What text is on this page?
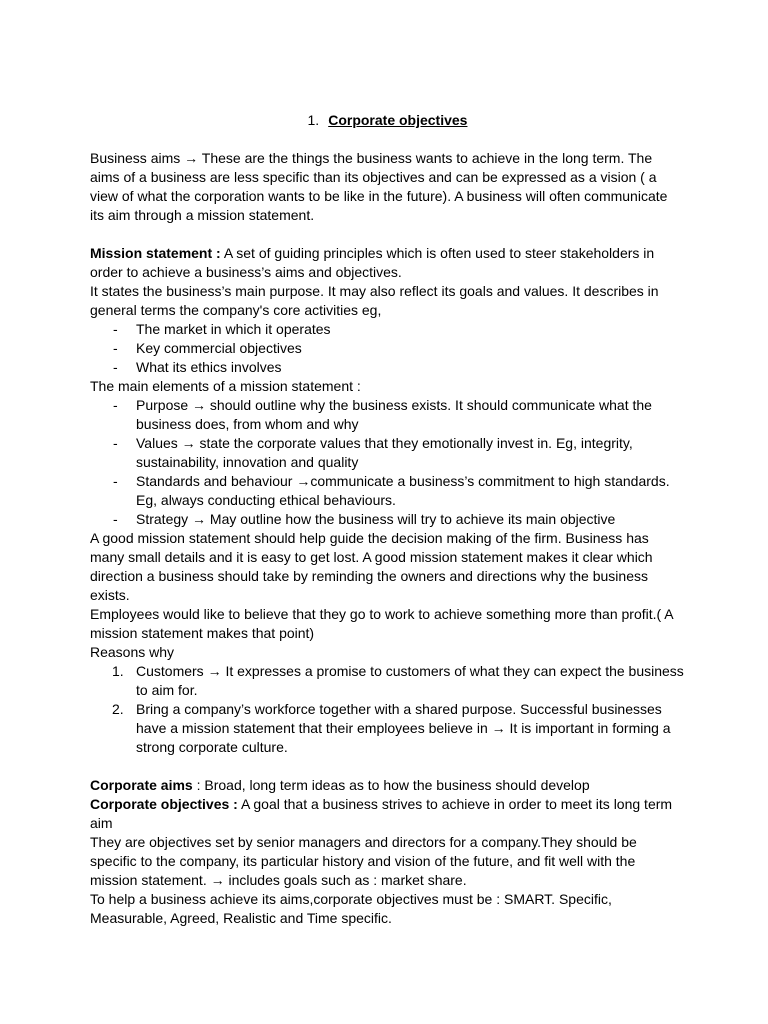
1. Corporate objectives

Business aims → These are the things the business wants to achieve in the long term. The aims of a business are less specific than its objectives and can be expressed as a vision ( a view of what the corporation wants to be like in the future). A business will often communicate its aim through a mission statement.

Mission statement : A set of guiding principles which is often used to steer stakeholders in order to achieve a business’s aims and objectives.

It states the business’s main purpose. It may also reflect its goals and values. It describes in general terms the company's core activities eg,

- The market in which it operates
- Key commercial objectives
- What its ethics involves

The main elements of a mission statement :

- Purpose → should outline why the business exists. It should communicate what the business does, from whom and why
- Values → state the corporate values that they emotionally invest in. Eg, integrity, sustainability, innovation and quality
- Standards and behaviour →communicate a business’s commitment to high standards. Eg, always conducting ethical behaviours.
- Strategy → May outline how the business will try to achieve its main objective

A good mission statement should help guide the decision making of the firm. Business has many small details and it is easy to get lost. A good mission statement makes it clear which direction a business should take by reminding the owners and directions why the business exists.

Employees would like to believe that they go to work to achieve something more than profit.( A mission statement makes that point)

Reasons why

1. Customers → It expresses a promise to customers of what they can expect the business to aim for.
2. Bring a company’s workforce together with a shared purpose. Successful businesses have a mission statement that their employees believe in → It is important in forming a strong corporate culture.

Corporate aims : Broad, long term ideas as to how the business should develop

Corporate objectives : A goal that a business strives to achieve in order to meet its long term aim

They are objectives set by senior managers and directors for a company.They should be specific to the company, its particular history and vision of the future, and fit well with the mission statement. → includes goals such as : market share.

To help a business achieve its aims,corporate objectives must be : SMART. Specific, Measurable, Agreed, Realistic and Time specific.
